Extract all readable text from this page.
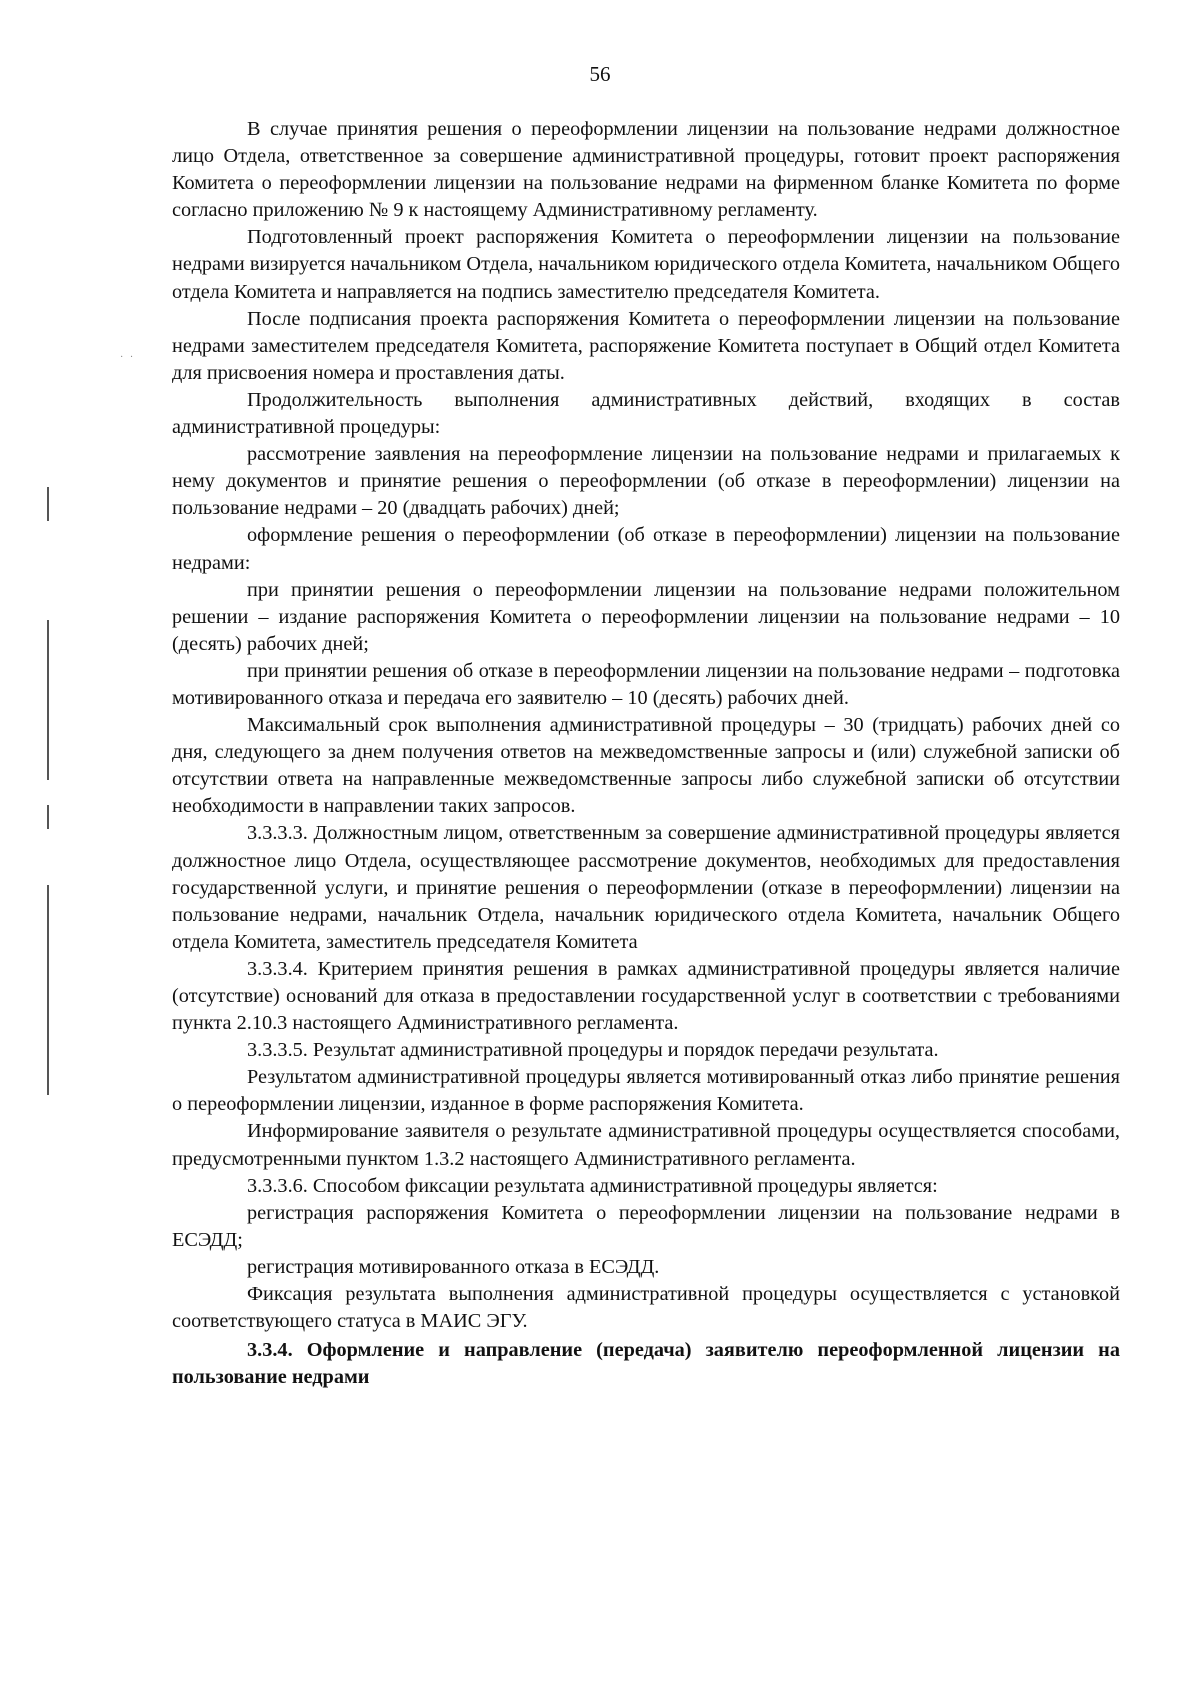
56
· ·

В случае принятия решения о переоформлении лицензии на пользование недрами должностное лицо Отдела, ответственное за совершение административной процедуры, готовит проект распоряжения Комитета о переоформлении лицензии на пользование недрами на фирменном бланке Комитета по форме согласно приложению № 9 к настоящему Административному регламенту.

Подготовленный проект распоряжения Комитета о переоформлении лицензии на пользование недрами визируется начальником Отдела, начальником юридического отдела Комитета, начальником Общего отдела Комитета и направляется на подпись заместителю председателя Комитета.

После подписания проекта распоряжения Комитета о переоформлении лицензии на пользование недрами заместителем председателя Комитета, распоряжение Комитета поступает в Общий отдел Комитета для присвоения номера и проставления даты.

Продолжительность выполнения административных действий, входящих в состав административной процедуры:

рассмотрение заявления на переоформление лицензии на пользование недрами и прилагаемых к нему документов и принятие решения о переоформлении (об отказе в переоформлении) лицензии на пользование недрами – 20 (двадцать рабочих) дней;

оформление решения о переоформлении (об отказе в переоформлении) лицензии на пользование недрами:

при принятии решения о переоформлении лицензии на пользование недрами положительном решении – издание распоряжения Комитета о переоформлении лицензии на пользование недрами – 10 (десять) рабочих дней;

при принятии решения об отказе в переоформлении лицензии на пользование недрами – подготовка мотивированного отказа и передача его заявителю – 10 (десять) рабочих дней.

Максимальный срок выполнения административной процедуры – 30 (тридцать) рабочих дней со дня, следующего за днем получения ответов на межведомственные запросы и (или) служебной записки об отсутствии ответа на направленные межведомственные запросы либо служебной записки об отсутствии необходимости в направлении таких запросов.

3.3.3.3. Должностным лицом, ответственным за совершение административной процедуры является должностное лицо Отдела, осуществляющее рассмотрение документов, необходимых для предоставления государственной услуги, и принятие решения о переоформлении (отказе в переоформлении) лицензии на пользование недрами, начальник Отдела, начальник юридического отдела Комитета, начальник Общего отдела Комитета, заместитель председателя Комитета

3.3.3.4. Критерием принятия решения в рамках административной процедуры является наличие (отсутствие) оснований для отказа в предоставлении государственной услуг в соответствии с требованиями пункта 2.10.3 настоящего Административного регламента.

3.3.3.5. Результат административной процедуры и порядок передачи результата.

Результатом административной процедуры является мотивированный отказ либо принятие решения о переоформлении лицензии, изданное в форме распоряжения Комитета.

Информирование заявителя о результате административной процедуры осуществляется способами, предусмотренными пунктом 1.3.2 настоящего Административного регламента.

3.3.3.6. Способом фиксации результата административной процедуры является:

регистрация распоряжения Комитета о переоформлении лицензии на пользование недрами в ЕСЭДД;

регистрация мотивированного отказа в ЕСЭДД.

Фиксация результата выполнения административной процедуры осуществляется с установкой соответствующего статуса в МАИС ЭГУ.

3.3.4. Оформление и направление (передача) заявителю переоформленной лицензии на пользование недрами
